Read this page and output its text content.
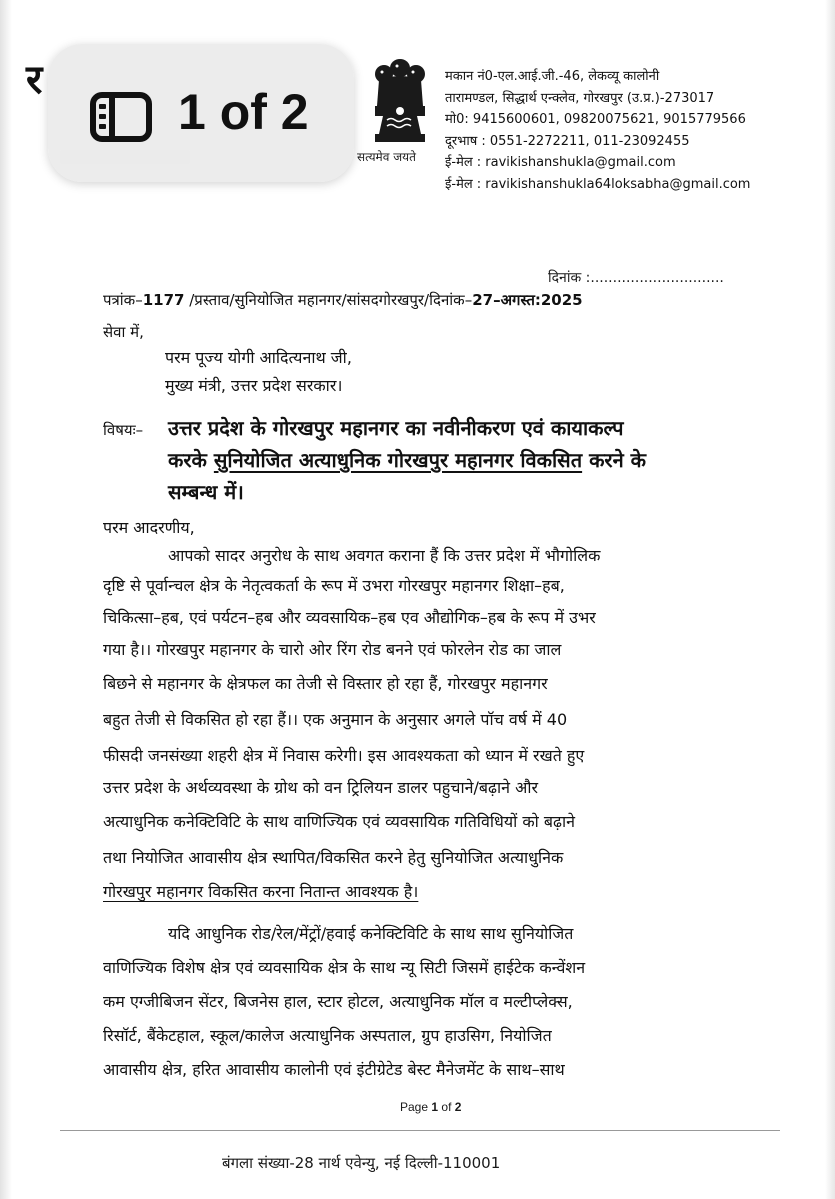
र
सत्यमेव जयते
मकान नं0-एल.आई.जी.-46, लेकव्यू कालोनी
तारामण्डल, सिद्धार्थ एन्क्लेव, गोरखपुर (उ.प्र.)-273017
मो0: 9415600601, 09820075621, 9015779566
दूरभाष : 0551-2272211, 011-23092455
ई-मेल : ravikishanshukla@gmail.com
ई-मेल : ravikishanshukla64loksabha@gmail.com
1 of 2
दिनांक :..............................
पत्रांक–1177 /प्रस्ताव/सुनियोजित महानगर/सांसदगोरखपुर/दिनांक–27–अगस्त:2025
सेवा में,
परम पूज्य योगी आदित्यनाथ जी,
मुख्य मंत्री, उत्तर प्रदेश सरकार।
विषयः– उत्तर प्रदेश के गोरखपुर महानगर का नवीनीकरण एवं कायाकल्प
करके सुनियोजित अत्याधुनिक गोरखपुर महानगर विकसित करने के
सम्बन्ध में।
परम आदरणीय,
आपको सादर अनुरोध के साथ अवगत कराना हैं कि उत्तर प्रदेश में भौगोलिक
दृष्टि से पूर्वान्चल क्षेत्र के नेतृत्वकर्ता के रूप में उभरा गोरखपुर महानगर शिक्षा–हब,
चिकित्सा–हब, एवं पर्यटन–हब और व्यवसायिक–हब एव औद्योगिक–हब के रूप में उभर
गया है।। गोरखपुर महानगर के चारो ओर रिंग रोड बनने एवं फोरलेन रोड का जाल
बिछने से महानगर के क्षेत्रफल का तेजी से विस्तार हो रहा हैं, गोरखपुर महानगर
बहुत तेजी से विकसित हो रहा हैं।। एक अनुमान के अनुसार अगले पॉच वर्ष में 40
फीसदी जनसंख्या शहरी क्षेत्र में निवास करेगी। इस आवश्यकता को ध्यान में रखते हुए
उत्तर प्रदेश के अर्थव्यवस्था के ग्रोथ को वन ट्रिलियन डालर पहुचाने/बढ़ाने और
अत्याधुनिक कनेक्टिविटि के साथ वाणिज्यिक एवं व्यवसायिक गतिविधियों को बढ़ाने
तथा नियोजित आवासीय क्षेत्र स्थापित/विकसित करने हेतु सुनियोजित अत्याधुनिक
गोरखपुर महानगर विकसित करना नितान्त आवश्यक है।
यदि आधुनिक रोड/रेल/मेंट्रों/हवाई कनेक्टिविटि के साथ साथ सुनियोजित
वाणिज्यिक विशेष क्षेत्र एवं व्यवसायिक क्षेत्र के साथ न्यू सिटी जिसमें हाईटेक कन्वेंशन
कम एग्जीबिजन सेंटर, बिजनेस हाल, स्टार होटल, अत्याधुनिक मॉल व मल्टीप्लेक्स,
रिसॉर्ट, बैंकेटहाल, स्कूल/कालेज अत्याधुनिक अस्पताल, ग्रुप हाउसिग, नियोजित
आवासीय क्षेत्र, हरित आवासीय कालोनी एवं इंटीग्रेटेड बेस्ट मैनेजमेंट के साथ–साथ
Page 1 of 2
बंगला संख्या-28 नार्थ एवेन्यु, नई दिल्ली-110001
